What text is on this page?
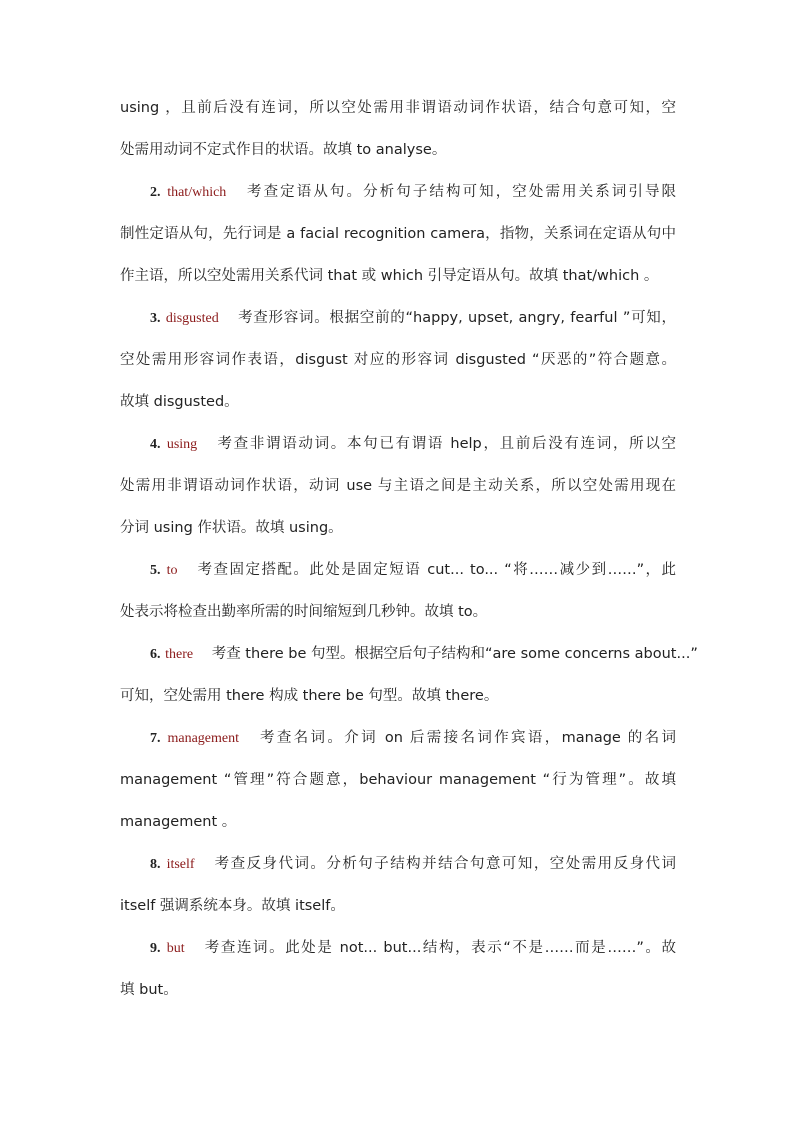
using ，且前后没有连词，所以空处需用非谓语动词作状语，结合句意可知，空
处需用动词不定式作目的状语。故填 to analyse。
2. that/which 考查定语从句。分析句子结构可知，空处需用关系词引导限
制性定语从句，先行词是 a facial recognition camera，指物，关系词在定语从句中
作主语，所以空处需用关系代词 that 或 which 引导定语从句。故填 that/which 。
3. disgusted 考查形容词。根据空前的“happy, upset, angry, fearful ”可知，
空处需用形容词作表语，disgust 对应的形容词 disgusted “厌恶的”符合题意。
故填 disgusted。
4. using 考查非谓语动词。本句已有谓语 help，且前后没有连词，所以空
处需用非谓语动词作状语，动词 use 与主语之间是主动关系，所以空处需用现在
分词 using 作状语。故填 using。
5. to 考查固定搭配。此处是固定短语 cut... to... “将……减少到……”，此
处表示将检查出勤率所需的时间缩短到几秒钟。故填 to。
6. there 考查 there be 句型。根据空后句子结构和“are some concerns about...”
可知，空处需用 there 构成 there be 句型。故填 there。
7. management 考查名词。介词 on 后需接名词作宾语，manage 的名词
management “管理”符合题意，behaviour management “行为管理”。故填
management 。
8. itself 考查反身代词。分析句子结构并结合句意可知，空处需用反身代词
itself 强调系统本身。故填 itself。
9. but 考查连词。此处是 not... but...结构，表示“不是……而是……”。故
填 but。
